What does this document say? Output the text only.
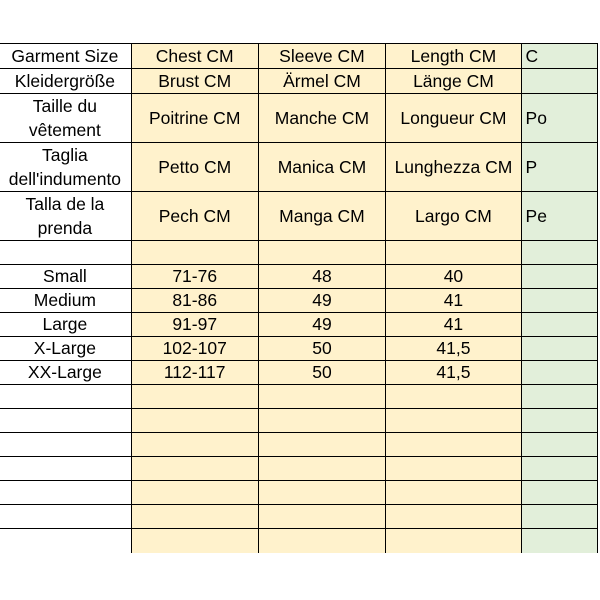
Garment Size	Chest CM	Sleeve CM	Length CM	C
Kleidergröße	Brust CM	Ärmel CM	Länge CM	
Taille du vêtement	Poitrine CM	Manche CM	Longueur CM	Po
Taglia dell'indumento	Petto CM	Manica CM	Lunghezza CM	P
Talla de la prenda	Pech CM	Manga CM	Largo CM	Pe

Small	71-76	48	40	
Medium	81-86	49	41	
Large	91-97	49	41	
X-Large	102-107	50	41,5	
XX-Large	112-117	50	41,5	
